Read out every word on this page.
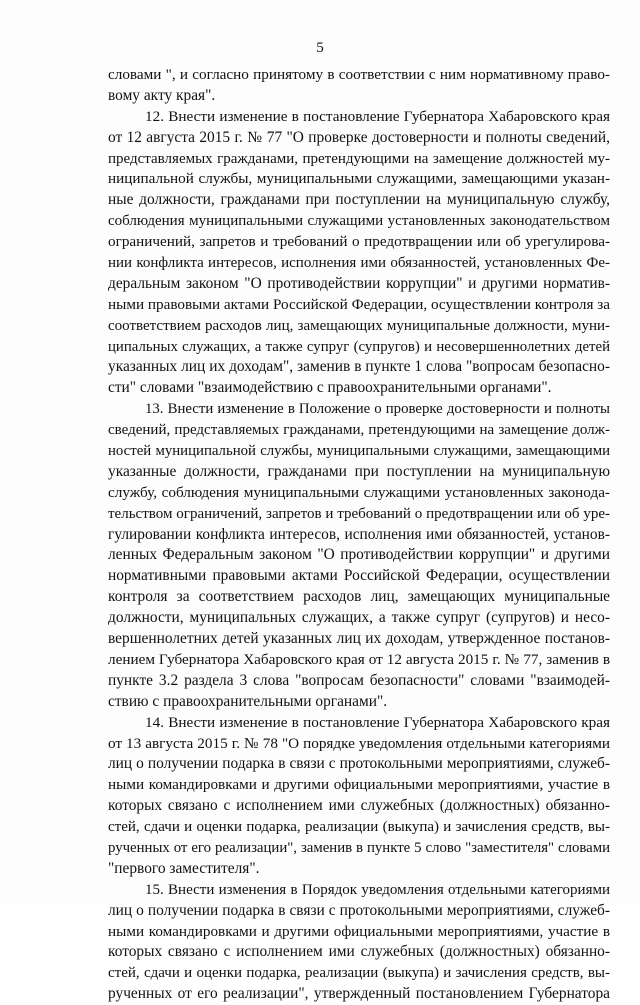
5
словами ", и согласно принятому в соответствии с ним нормативному право-
вому акту края".
12. Внести изменение в постановление Губернатора Хабаровского края
от 12 августа 2015 г. № 77 "О проверке достоверности и полноты сведений,
представляемых гражданами, претендующими на замещение должностей му-
ниципальной службы, муниципальными служащими, замещающими указан-
ные должности, гражданами при поступлении на муниципальную службу,
соблюдения муниципальными служащими установленных законодательством
ограничений, запретов и требований о предотвращении или об урегулирова-
нии конфликта интересов, исполнения ими обязанностей, установленных Фе-
деральным законом "О противодействии коррупции" и другими норматив-
ными правовыми актами Российской Федерации, осуществлении контроля за
соответствием расходов лиц, замещающих муниципальные должности, муни-
ципальных служащих, а также супруг (супругов) и несовершеннолетних детей
указанных лиц их доходам", заменив в пункте 1 слова "вопросам безопасно-
сти" словами "взаимодействию с правоохранительными органами".
13. Внести изменение в Положение о проверке достоверности и полноты
сведений, представляемых гражданами, претендующими на замещение долж-
ностей муниципальной службы, муниципальными служащими, замещающими
указанные должности, гражданами при поступлении на муниципальную
службу, соблюдения муниципальными служащими установленных законода-
тельством ограничений, запретов и требований о предотвращении или об уре-
гулировании конфликта интересов, исполнения ими обязанностей, установ-
ленных Федеральным законом "О противодействии коррупции" и другими
нормативными правовыми актами Российской Федерации, осуществлении
контроля за соответствием расходов лиц, замещающих муниципальные
должности, муниципальных служащих, а также супруг (супругов) и несо-
вершеннолетних детей указанных лиц их доходам, утвержденное постанов-
лением Губернатора Хабаровского края от 12 августа 2015 г. № 77, заменив в
пункте 3.2 раздела 3 слова "вопросам безопасности" словами "взаимодей-
ствию с правоохранительными органами".
14. Внести изменение в постановление Губернатора Хабаровского края
от 13 августа 2015 г. № 78 "О порядке уведомления отдельными категориями
лиц о получении подарка в связи с протокольными мероприятиями, служеб-
ными командировками и другими официальными мероприятиями, участие в
которых связано с исполнением ими служебных (должностных) обязанно-
стей, сдачи и оценки подарка, реализации (выкупа) и зачисления средств, вы-
рученных от его реализации", заменив в пункте 5 слово "заместителя" словами
"первого заместителя".
15. Внести изменения в Порядок уведомления отдельными категориями
лиц о получении подарка в связи с протокольными мероприятиями, служеб-
ными командировками и другими официальными мероприятиями, участие в
которых связано с исполнением ими служебных (должностных) обязанно-
стей, сдачи и оценки подарка, реализации (выкупа) и зачисления средств, вы-
рученных от его реализации", утвержденный постановлением Губернатора
